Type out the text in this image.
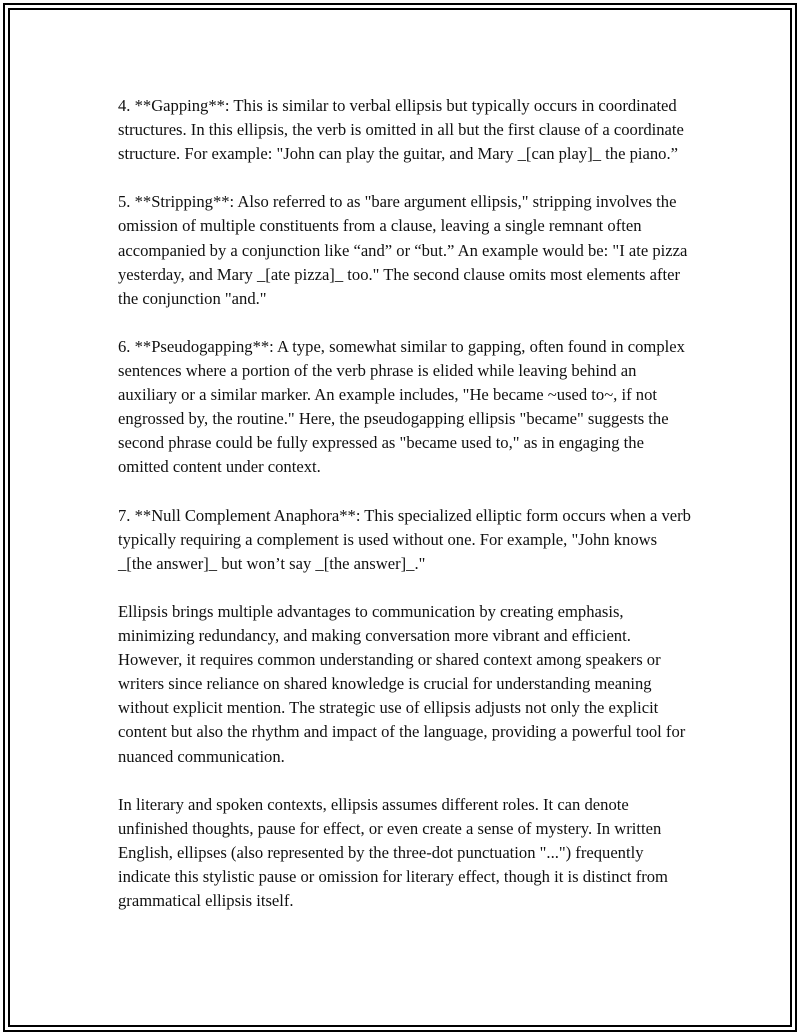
4. **Gapping**: This is similar to verbal ellipsis but typically occurs in coordinated structures. In this ellipsis, the verb is omitted in all but the first clause of a coordinate structure. For example: "John can play the guitar, and Mary _[can play]_ the piano.”

5. **Stripping**: Also referred to as "bare argument ellipsis," stripping involves the omission of multiple constituents from a clause, leaving a single remnant often accompanied by a conjunction like “and” or “but.” An example would be: "I ate pizza yesterday, and Mary _[ate pizza]_ too." The second clause omits most elements after the conjunction "and."

6. **Pseudogapping**: A type, somewhat similar to gapping, often found in complex sentences where a portion of the verb phrase is elided while leaving behind an auxiliary or a similar marker. An example includes, "He became ~used to~, if not engrossed by, the routine." Here, the pseudogapping ellipsis "became" suggests the second phrase could be fully expressed as "became used to," as in engaging the omitted content under context.

7. **Null Complement Anaphora**: This specialized elliptic form occurs when a verb typically requiring a complement is used without one. For example, "John knows _[the answer]_ but won’t say _[the answer]_."

Ellipsis brings multiple advantages to communication by creating emphasis, minimizing redundancy, and making conversation more vibrant and efficient. However, it requires common understanding or shared context among speakers or writers since reliance on shared knowledge is crucial for understanding meaning without explicit mention. The strategic use of ellipsis adjusts not only the explicit content but also the rhythm and impact of the language, providing a powerful tool for nuanced communication.

In literary and spoken contexts, ellipsis assumes different roles. It can denote unfinished thoughts, pause for effect, or even create a sense of mystery. In written English, ellipses (also represented by the three-dot punctuation "...") frequently indicate this stylistic pause or omission for literary effect, though it is distinct from grammatical ellipsis itself.
